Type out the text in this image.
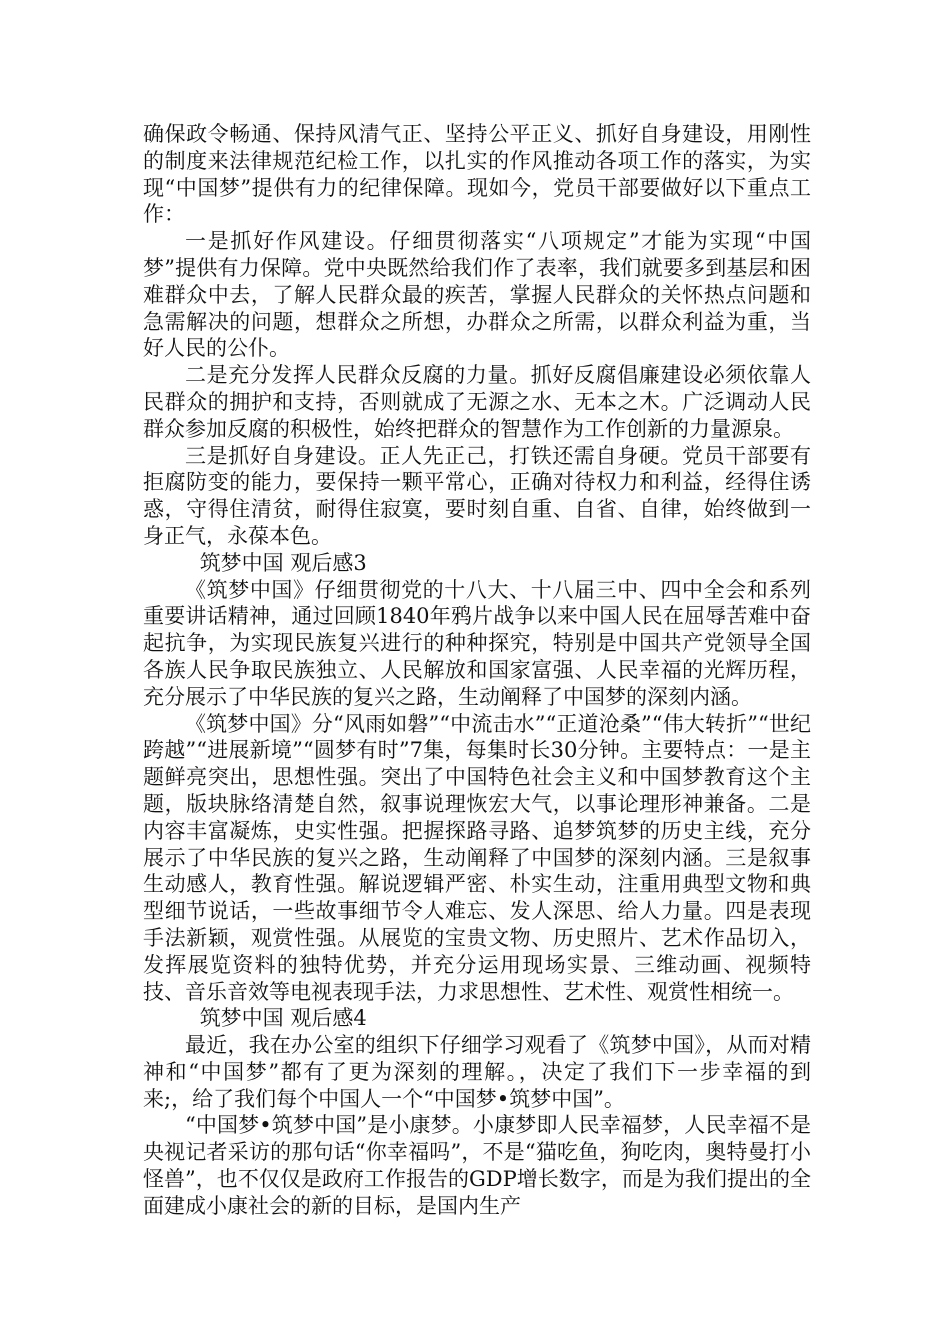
确保政令畅通、保持风清气正、坚持公平正义、抓好自身建设，用刚性的制度来法律规范纪检工作，以扎实的作风推动各项工作的落实，为实现“中国梦”提供有力的纪律保障。现如今，党员干部要做好以下重点工作：

一是抓好作风建设。仔细贯彻落实“八项规定”才能为实现“中国梦”提供有力保障。党中央既然给我们作了表率，我们就要多到基层和困难群众中去，了解人民群众最的疾苦，掌握人民群众的关怀热点问题和急需解决的问题，想群众之所想，办群众之所需，以群众利益为重，当好人民的公仆。

二是充分发挥人民群众反腐的力量。抓好反腐倡廉建设必须依靠人民群众的拥护和支持，否则就成了无源之水、无本之木。广泛调动人民群众参加反腐的积极性，始终把群众的智慧作为工作创新的力量源泉。

三是抓好自身建设。正人先正己，打铁还需自身硬。党员干部要有拒腐防变的能力，要保持一颗平常心，正确对待权力和利益，经得住诱惑，守得住清贫，耐得住寂寞，要时刻自重、自省、自律，始终做到一身正气，永葆本色。

筑梦中国 观后感3

《筑梦中国》仔细贯彻党的十八大、十八届三中、四中全会和系列重要讲话精神，通过回顾1840年鸦片战争以来中国人民在屈辱苦难中奋起抗争，为实现民族复兴进行的种种探究，特别是中国共产党领导全国各族人民争取民族独立、人民解放和国家富强、人民幸福的光辉历程，充分展示了中华民族的复兴之路，生动阐释了中国梦的深刻内涵。

《筑梦中国》分“风雨如磐”“中流击水”“正道沧桑”“伟大转折”“世纪跨越”“进展新境”“圆梦有时”7集，每集时长30分钟。主要特点：一是主题鲜亮突出，思想性强。突出了中国特色社会主义和中国梦教育这个主题，版块脉络清楚自然，叙事说理恢宏大气，以事论理形神兼备。二是内容丰富凝炼，史实性强。把握探路寻路、追梦筑梦的历史主线，充分展示了中华民族的复兴之路，生动阐释了中国梦的深刻内涵。三是叙事生动感人，教育性强。解说逻辑严密、朴实生动，注重用典型文物和典型细节说话，一些故事细节令人难忘、发人深思、给人力量。四是表现手法新颖，观赏性强。从展览的宝贵文物、历史照片、艺术作品切入，发挥展览资料的独特优势，并充分运用现场实景、三维动画、视频特技、音乐音效等电视表现手法，力求思想性、艺术性、观赏性相统一。

筑梦中国 观后感4

最近，我在办公室的组织下仔细学习观看了《筑梦中国》，从而对精神和“中国梦”都有了更为深刻的理解。，决定了我们下一步幸福的到来;，给了我们每个中国人一个“中国梦•筑梦中国”。

“中国梦•筑梦中国”是小康梦。小康梦即人民幸福梦，人民幸福不是央视记者采访的那句话“你幸福吗”，不是“猫吃鱼，狗吃肉，奥特曼打小怪兽”，也不仅仅是政府工作报告的GDP增长数字，而是为我们提出的全面建成小康社会的新的目标，是国内生产
